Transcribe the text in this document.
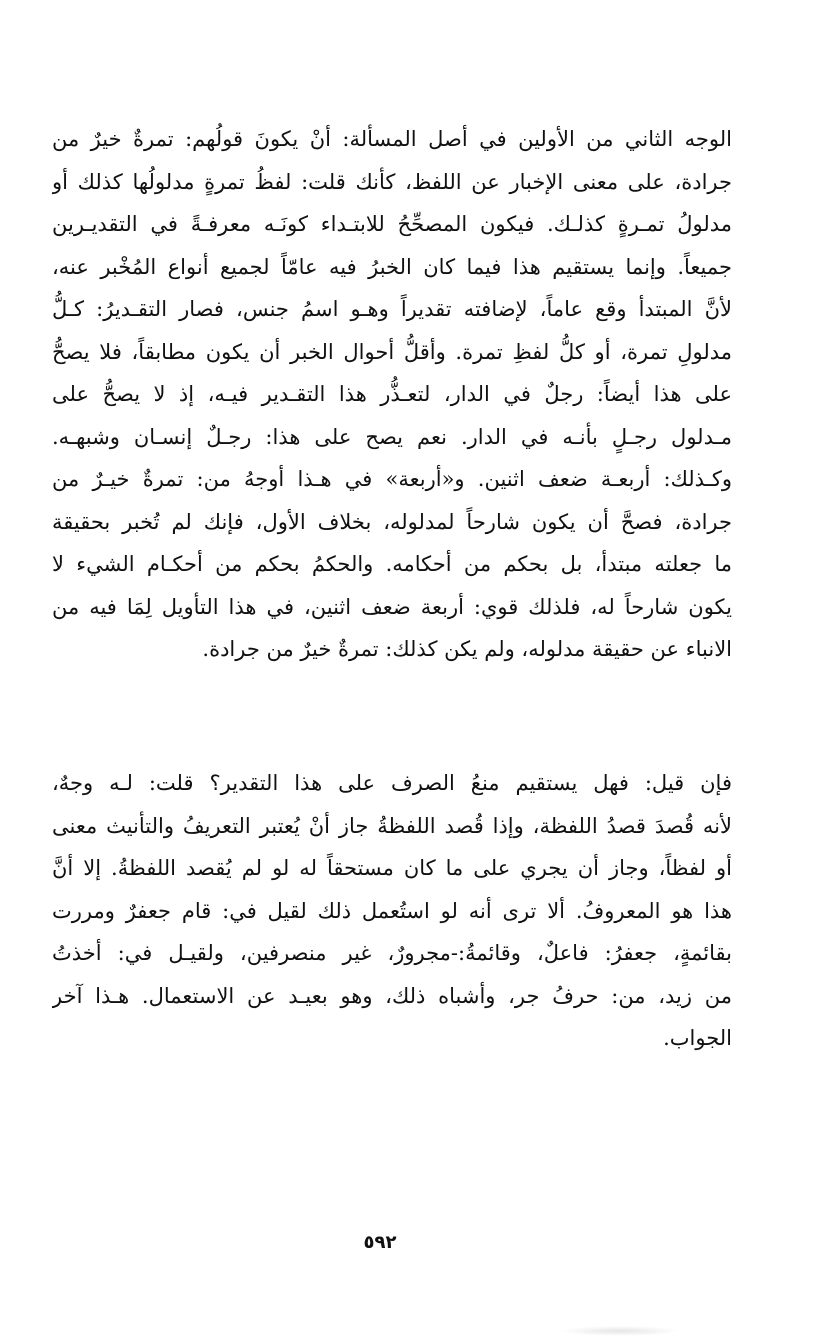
الوجه الثاني من الأولين في أصل المسألة: أنْ يكونَ قولُهم: تمرةٌ خيرٌ من
جرادة، على معنى الإخبار عن اللفظ، كأنك قلت: لفظُ تمرةٍ مدلولُها كذلك أو
مدلولُ تمـرةٍ كذلـك. فيكون المصحِّحُ للابتـداء كونَـه معرفـةً في التقديـرين
جميعاً. وإنما يستقيم هذا فيما كان الخبرُ فيه عامّاً لجميع أنواع المُخْبر عنه،
لأنَّ المبتدأ وقع عاماً، لإضافته تقديراً وهـو اسمُ جنس، فصار التقـديرُ: كـلُّ
مدلولِ تمرة، أو كلُّ لفظِ تمرة. وأقلُّ أحوال الخبر أن يكون مطابقاً، فلا يصحُّ
على هذا أيضاً: رجلٌ في الدار، لتعـذُّر هذا التقـدير فيـه، إذ لا يصحُّ على
مـدلول رجـلٍ بأنـه في الدار. نعم يصح على هذا: رجـلٌ إنسـان وشبهـه.
وكـذلك: أربعـة ضعف اثنين. و«أربعة» في هـذا أوجهُ من: تمرةٌ خيـرٌ من
جرادة، فصحَّ أن يكون شارحاً لمدلوله، بخلاف الأول، فإنك لم تُخبر بحقيقة
ما جعلته مبتدأ، بل بحكم من أحكامه. والحكمُ بحكم من أحكـام الشيء لا
يكون شارحاً له، فلذلك قوي: أربعة ضعف اثنين، في هذا التأويل لِمَا فيه من
الانباء عن حقيقة مدلوله، ولم يكن كذلك: تمرةٌ خيرٌ من جرادة.
فإن قيل: فهل يستقيم منعُ الصرف على هذا التقدير؟ قلت: لـه وجهٌ،
لأنه قُصدَ قصدُ اللفظة، وإذا قُصد اللفظةُ جاز أنْ يُعتبر التعريفُ والتأنيث معنى
أو لفظاً، وجاز أن يجري على ما كان مستحقاً له لو لم يُقصد اللفظةُ. إلا أنَّ
هذا هو المعروفُ. ألا ترى أنه لو استُعمل ذلك لقيل في: قام جعفرٌ ومررت
بقائمةٍ، جعفرُ: فاعلٌ، وقائمةُ:-مجرورٌ، غير منصرفين، ولقيـل في: أخذتُ
من زيد، من: حرفُ جر، وأشباه ذلك، وهو بعيـد عن الاستعمال. هـذا آخر
الجواب.
٥٩٢
